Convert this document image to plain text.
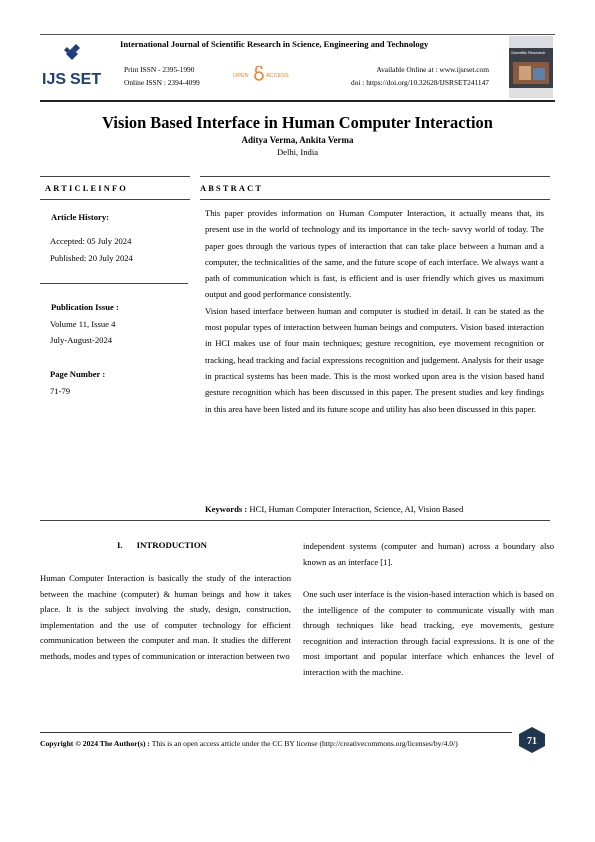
IJS SET
International Journal of Scientific Research in Science, Engineering and Technology
Print ISSN - 2395-1990
Online ISSN : 2394-4099
OPEN	ACCESS
Available Online at : www.ijsrset.com
doi : https://doi.org/10.32628/IJSRSET241147
Scientific Research
Vision Based Interface in Human Computer Interaction
Aditya Verma, Ankita Verma
Delhi, India
ARTICLEINFO	ABSTRACT
Article History:
Accepted: 05 July 2024
Published: 20 July 2024
Publication Issue :
Volume 11, Issue 4
July-August-2024
Page Number :
71-79

This paper provides information on Human Computer Interaction, it actually means that, its present use in the world of technology and its importance in the tech- savvy world of today. The paper goes through the various types of interaction that can take place between a human and a computer, the technicalities of the same, and the future scope of each interface. We always want a path of communication which is fast, is efficient and is user friendly which gives us maximum output and good performance consistently.

Vision based interface between human and computer is studied in detail. It can be stated as the most popular types of interaction between human beings and computers. Vision based interaction in HCI makes use of four main techniques; gesture recognition, eye movement recognition or tracking, head tracking and facial expressions recognition and judgement. Analysis for their usage in practical systems has been made. This is the most worked upon area is the vision based hand gesture recognition which has been discussed in this paper. The present studies and key findings in this area have been listed and its future scope and utility has also been discussed in this paper.

Keywords : HCI, Human Computer Interaction, Science, AI, Vision Based
I. INTRODUCTION
Human Computer Interaction is basically the study of the interaction between the machine (computer) & human beings and how it takes place. It is the subject involving the study, design, construction, implementation and the use of computer technology for efficient communication between the computer and man. It studies the different methods, modes and types of communication or interaction between two
independent systems (computer and human) across a boundary also known as an interface [1].
One such user interface is the vision-based interaction which is based on the intelligence of the computer to communicate visually with man through techniques like head tracking, eye movements, gesture recognition and interaction through facial expressions. It is one of the most important and popular interface which enhances the level of interaction with the machine.
Copyright © 2024 The Author(s) : This is an open access article under the CC BY license (http://creativecommons.org/licenses/by/4.0/)	71
